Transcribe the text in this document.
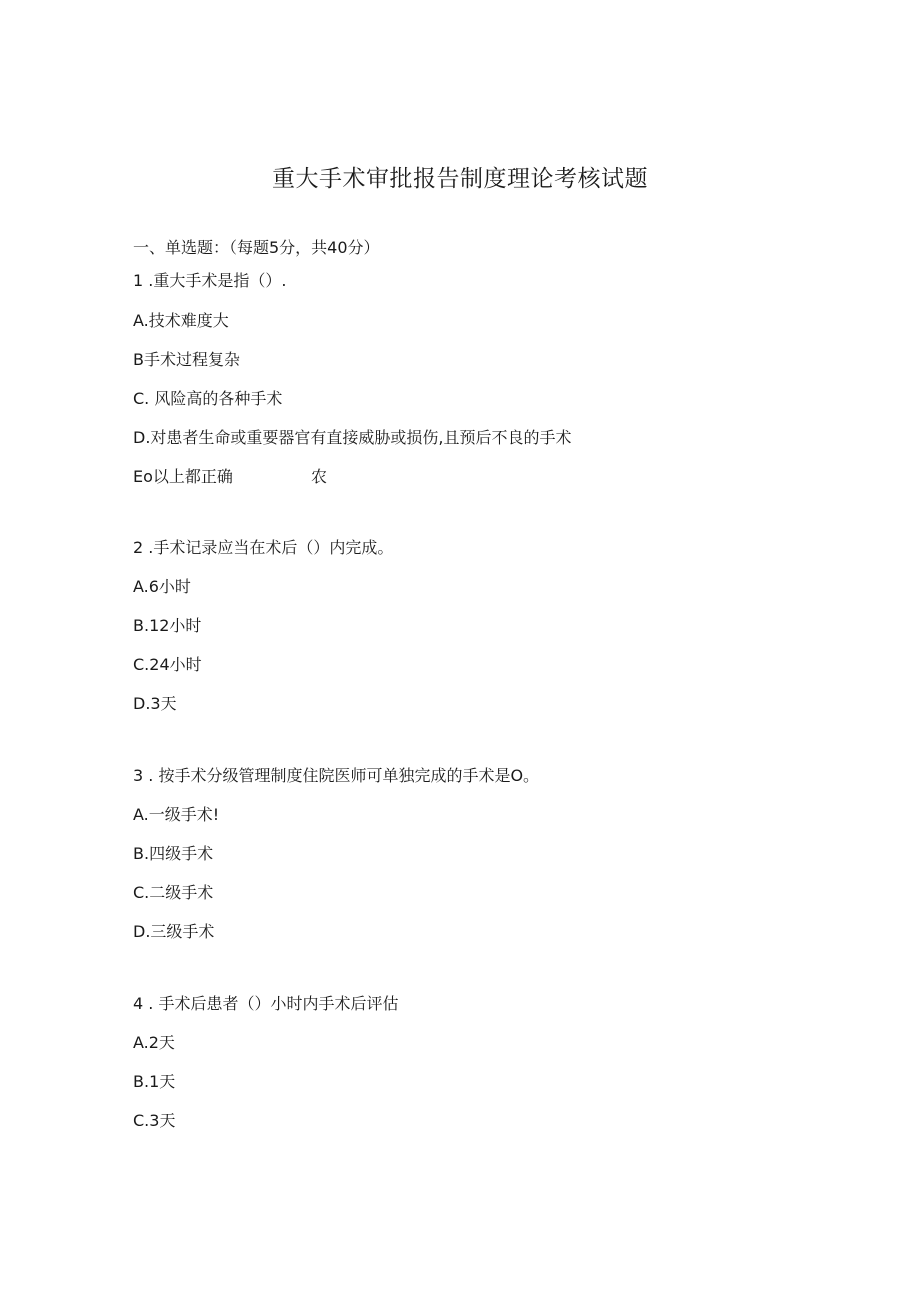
重大手术审批报告制度理论考核试题
一、单选题：（每题5分，共40分）
1 .重大手术是指（）.
A.技术难度大
B手术过程复杂
C. 风险高的各种手术
D.对患者生命或重要器官有直接威胁或损伤,且预后不良的手术
Eo以上都正确	农
2 .手术记录应当在术后（）内完成。
A.6小时
B.12小时
C.24小时
D.3天
3 . 按手术分级管理制度住院医师可单独完成的手术是O。
A.一级手术!
B.四级手术
C.二级手术
D.三级手术
4 . 手术后患者（）小时内手术后评估
A.2天
B.1天
C.3天
